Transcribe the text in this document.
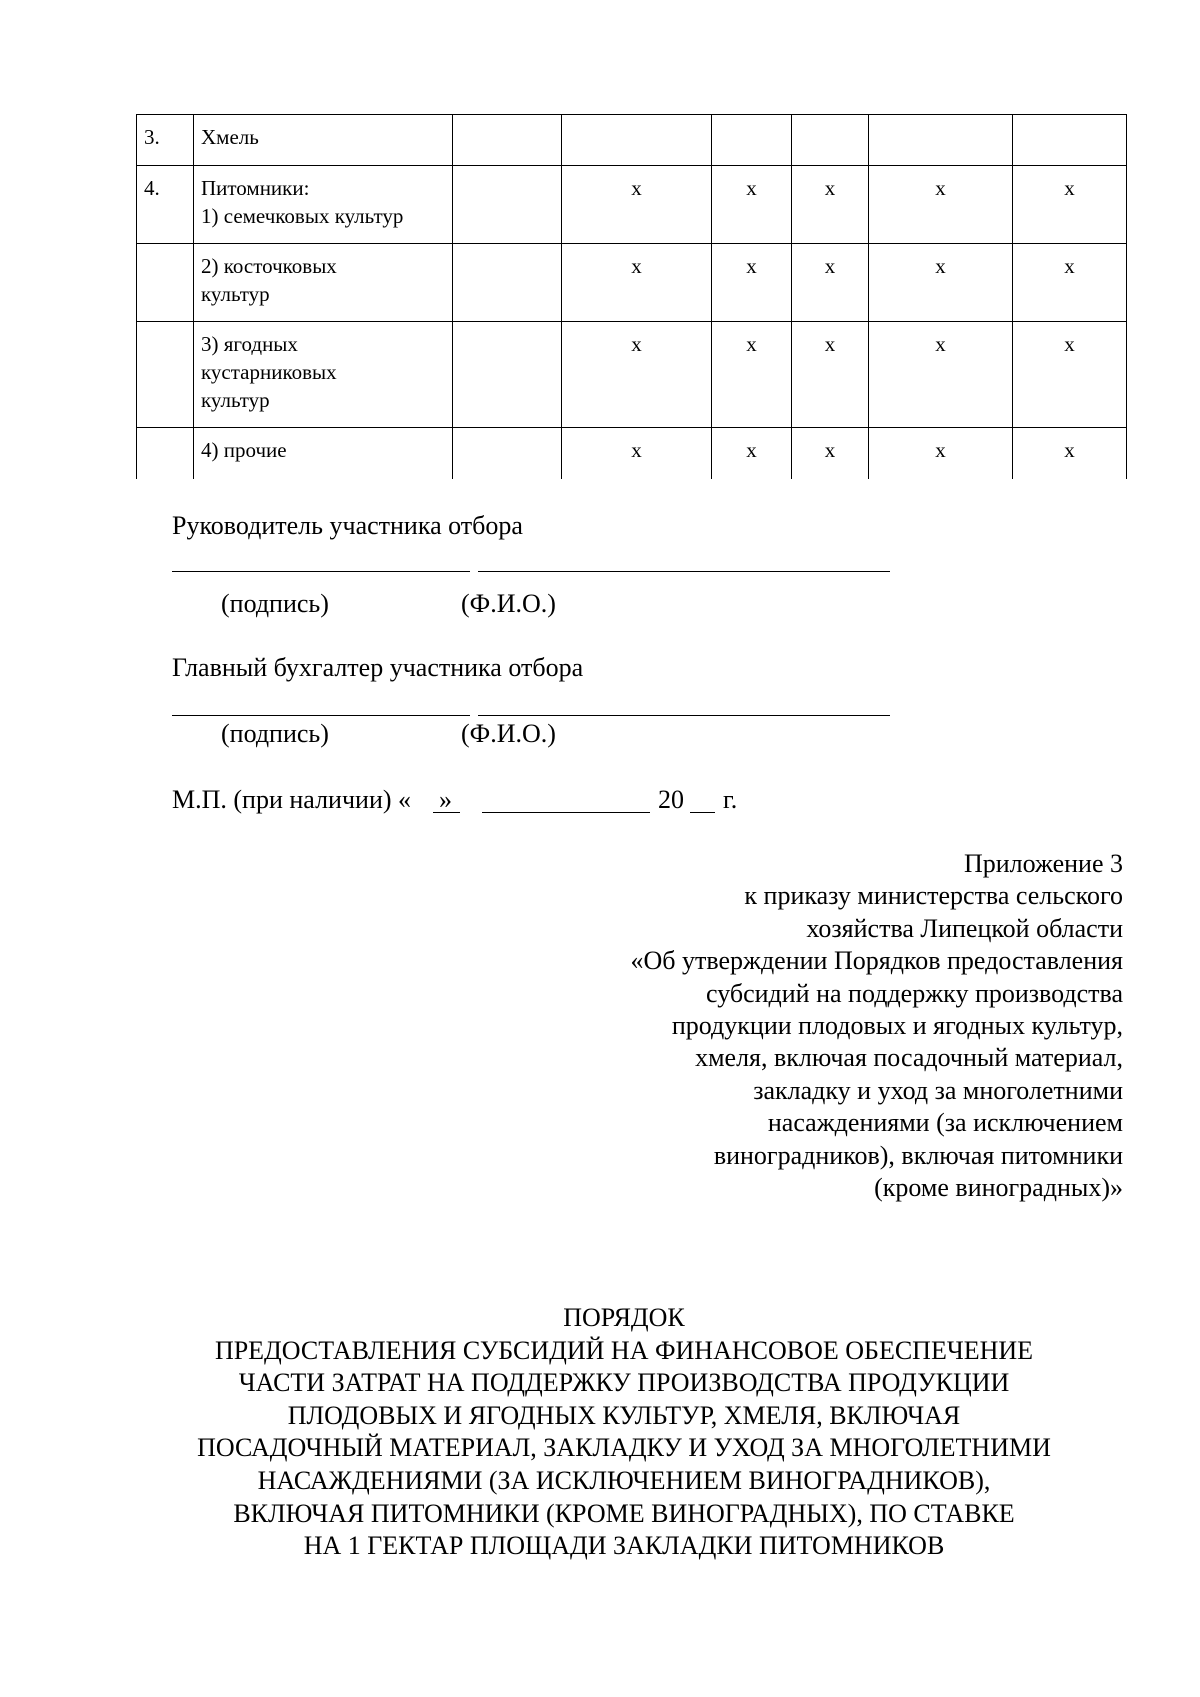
3.	Хмель						

4.	Питомники:
1) семечковых культур		x	x	x	x	x

	2) косточковых
культур		x	x	x	x	x

	3) ягодных
кустарниковых
культур		x	x	x	x	x

	4) прочие		x	x	x	x	x
Руководитель участника отбора
(подпись)	(Ф.И.О.)
Главный бухгалтер участника отбора
(подпись)	(Ф.И.О.)
М.П. (при наличии) « »	20 г.
Приложение 3
к приказу министерства сельского
хозяйства Липецкой области
«Об утверждении Порядков предоставления
субсидий на поддержку производства
продукции плодовых и ягодных культур,
хмеля, включая посадочный материал,
закладку и уход за многолетними
насаждениями (за исключением
виноградников), включая питомники
(кроме виноградных)»
ПОРЯДОК
ПРЕДОСТАВЛЕНИЯ СУБСИДИЙ НА ФИНАНСОВОЕ ОБЕСПЕЧЕНИЕ
ЧАСТИ ЗАТРАТ НА ПОДДЕРЖКУ ПРОИЗВОДСТВА ПРОДУКЦИИ
ПЛОДОВЫХ И ЯГОДНЫХ КУЛЬТУР, ХМЕЛЯ, ВКЛЮЧАЯ
ПОСАДОЧНЫЙ МАТЕРИАЛ, ЗАКЛАДКУ И УХОД ЗА МНОГОЛЕТНИМИ
НАСАЖДЕНИЯМИ (ЗА ИСКЛЮЧЕНИЕМ ВИНОГРАДНИКОВ),
ВКЛЮЧАЯ ПИТОМНИКИ (КРОМЕ ВИНОГРАДНЫХ), ПО СТАВКЕ
НА 1 ГЕКТАР ПЛОЩАДИ ЗАКЛАДКИ ПИТОМНИКОВ
